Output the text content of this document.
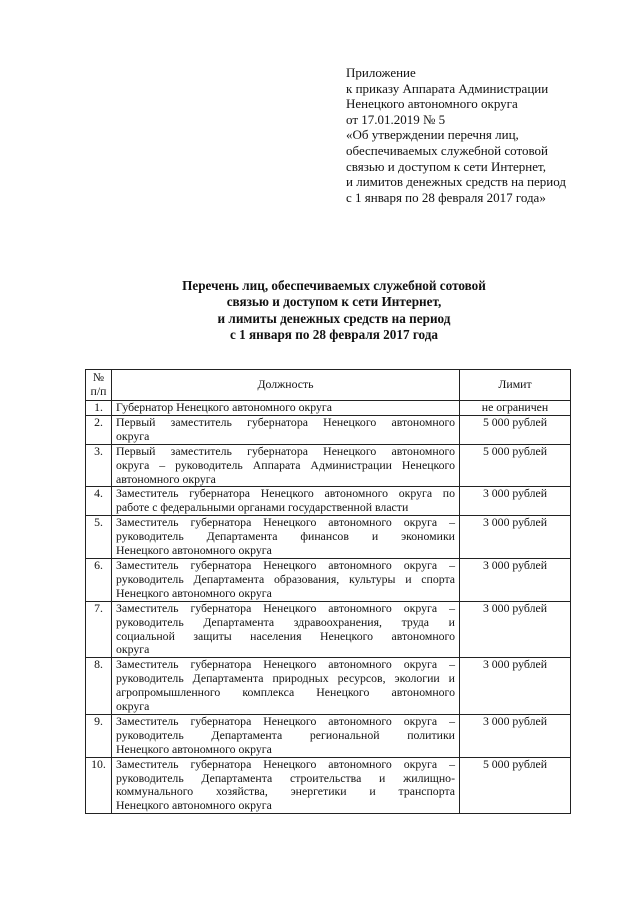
Приложение
к приказу Аппарата Администрации
Ненецкого автономного округа
от 17.01.2019 № 5
«Об утверждении перечня лиц,
обеспечиваемых служебной сотовой
связью и доступом к сети Интернет,
и лимитов денежных средств на период
с 1 января по 28 февраля 2017 года»
Перечень лиц, обеспечиваемых служебной сотовой
связью и доступом к сети Интернет,
и лимиты денежных средств на период
с 1 января по 28 февраля 2017 года
№
п/п	Должность	Лимит
1.	Губернатор Ненецкого автономного округа	не ограничен
2.	Первый заместитель губернатора Ненецкого автономного
округа	5 000 рублей
3.	Первый заместитель губернатора Ненецкого автономного
округа – руководитель Аппарата Администрации Ненецкого
автономного округа	5 000 рублей
4.	Заместитель губернатора Ненецкого автономного округа по
работе с федеральными органами государственной власти	3 000 рублей
5.	Заместитель губернатора Ненецкого автономного округа –
руководитель Департамента финансов и экономики
Ненецкого автономного округа	3 000 рублей
6.	Заместитель губернатора Ненецкого автономного округа –
руководитель Департамента образования, культуры и спорта
Ненецкого автономного округа	3 000 рублей
7.	Заместитель губернатора Ненецкого автономного округа –
руководитель Департамента здравоохранения, труда и
социальной защиты населения Ненецкого автономного
округа	3 000 рублей
8.	Заместитель губернатора Ненецкого автономного округа –
руководитель Департамента природных ресурсов, экологии и
агропромышленного комплекса Ненецкого автономного
округа	3 000 рублей
9.	Заместитель губернатора Ненецкого автономного округа –
руководитель Департамента региональной политики
Ненецкого автономного округа	3 000 рублей
10.	Заместитель губернатора Ненецкого автономного округа –
руководитель Департамента строительства и жилищно-
коммунального хозяйства, энергетики и транспорта
Ненецкого автономного округа	5 000 рублей
